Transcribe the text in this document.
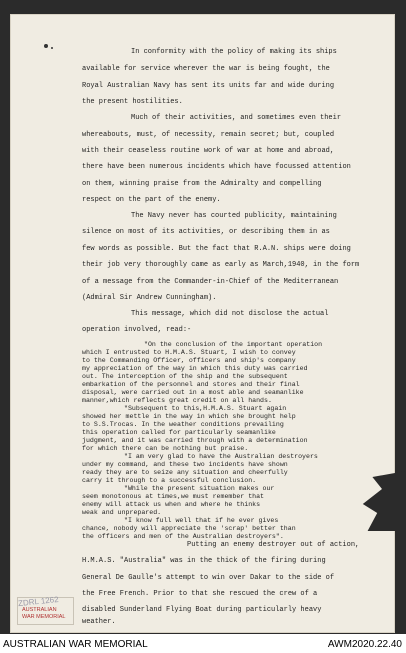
In conformity with the policy of making its ships
available for service wherever the war is being fought, the
Royal Australian Navy has sent its units far and wide during
the present hostilities.
Much of their activities, and sometimes even their
whereabouts, must, of necessity, remain secret; but, coupled
with their ceaseless routine work of war at home and abroad,
there have been numerous incidents which have focussed attention
on them, winning praise from the Admiralty and compelling
respect on the part of the enemy.
The Navy never has courted publicity, maintaining
silence on most of its activities, or describing them in as
few words as possible. But the fact that R.A.N. ships were doing
their job very thoroughly came as early as March,1940, in the form
of a message from the Commander-in-Chief of the Mediterranean
(Admiral Sir Andrew Cunningham).
This message, which did not disclose the actual
operation involved, read:-
"On the conclusion of the important operation
which I entrusted to H.M.A.S. Stuart, I wish to convey
to the Commanding Officer, officers and ship's company
my appreciation of the way in which this duty was carried
out. The interception of the ship and the subsequent
embarkation of the personnel and stores and their final
disposal, were carried out in a most able and seamanlike
manner,which reflects great credit on all hands.
"Subsequent to this,H.M.A.S. Stuart again
showed her mettle in the way in which she brought help
to S.S.Trocas. In the weather conditions prevailing
this operation called for particularly seamanlike
judgment, and it was carried through with a determination
for which there can be nothing but praise.
"I am very glad to have the Australian destroyers
under my command, and these two incidents have shown
ready they are to seize any situation and cheerfully
carry it through to a successful conclusion.
"While the present situation makes our
seem monotonous at times,we must remember that
enemy will attack us when and where he thinks
weak and unprepared.
"I know full well that if he ever gives
chance, nobody will appreciate the 'scrap' better than
the officers and men of the Australian destroyers".
Putting an enemy destroyer out of action,
H.M.A.S. "Australia" was in the thick of the firing during
General De Gaulle's attempt to win over Dakar to the side of
the Free French. Prior to that she rescued the crew of a
disabled Sunderland Flying Boat during particularly heavy
weather.
ZDRL 1262
AUSTRALIAN
WAR MEMORIAL
AUSTRALIAN WAR MEMORIAL	AWM2020.22.40
